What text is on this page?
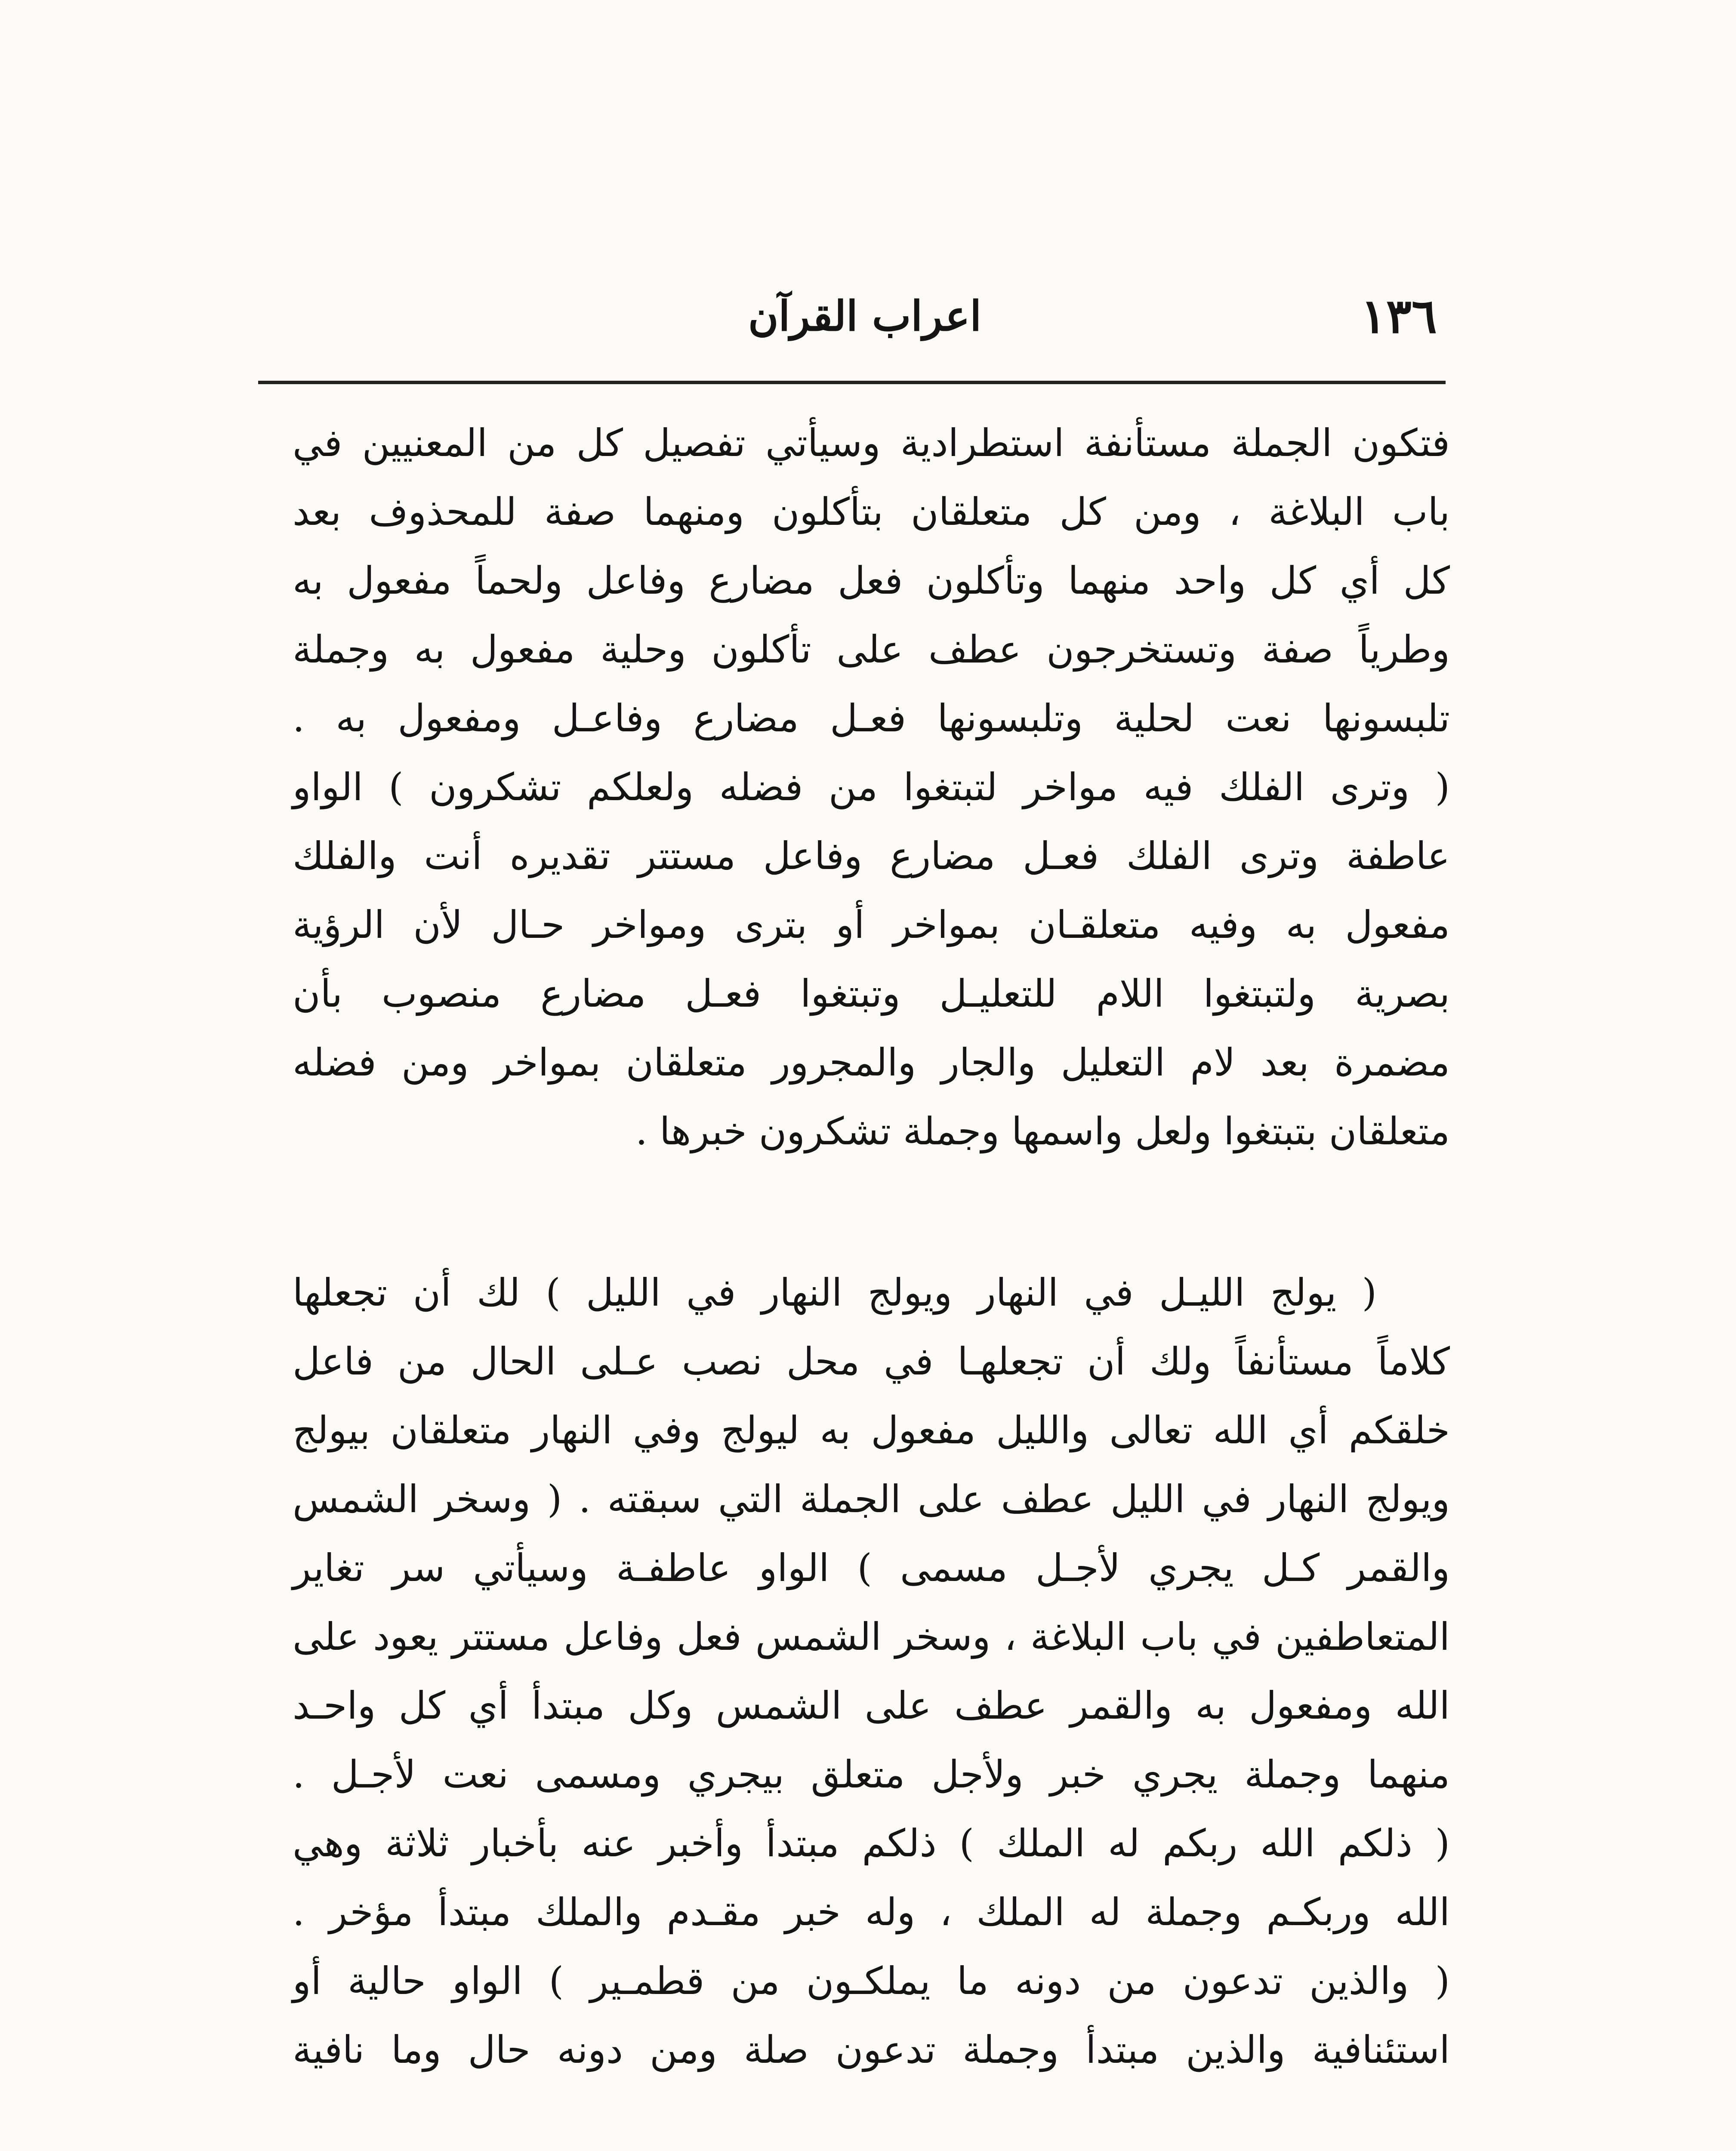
١٣٦
اعراب القرآن
فتكون الجملة مستأنفة استطرادية وسيأتي تفصيل كل من المعنيين في
باب البلاغة ، ومن كل متعلقان بتأكلون ومنهما صفة للمحذوف بعد
كل أي كل واحد منهما وتأكلون فعل مضارع وفاعل ولحماً مفعول به
وطرياً صفة وتستخرجون عطف على تأكلون وحلية مفعول به وجملة
تلبسونها نعت لحلية وتلبسونها فعـل مضارع وفاعـل ومفعول به .
( وترى الفلك فيه مواخر لتبتغوا من فضله ولعلكم تشكرون ) الواو
عاطفة وترى الفلك فعـل مضارع وفاعل مستتر تقديره أنت والفلك
مفعول به وفيه متعلقـان بمواخر أو بترى ومواخر حـال لأن الرؤية
بصرية ولتبتغوا اللام للتعليـل وتبتغوا فعـل مضارع منصوب بأن
مضمرة بعد لام التعليل والجار والمجرور متعلقان بمواخر ومن فضله
متعلقان بتبتغوا ولعل واسمها وجملة تشكرون خبرها .
( يولج الليـل في النهار ويولج النهار في الليل ) لك أن تجعلها
كلاماً مستأنفاً ولك أن تجعلهـا في محل نصب عـلى الحال من فاعل
خلقكم أي الله تعالى والليل مفعول به ليولج وفي النهار متعلقان بيولج
ويولج النهار في الليل عطف على الجملة التي سبقته . ( وسخر الشمس
والقمر كـل يجري لأجـل مسمى ) الواو عاطفـة وسيأتي سر تغاير
المتعاطفين في باب البلاغة ، وسخر الشمس فعل وفاعل مستتر يعود على
الله ومفعول به والقمر عطف على الشمس وكل مبتدأ أي كل واحـد
منهما وجملة يجري خبر ولأجل متعلق بيجري ومسمى نعت لأجـل .
( ذلكم الله ربكم له الملك ) ذلكم مبتدأ وأخبر عنه بأخبار ثلاثة وهي
الله وربكـم وجملة له الملك ، وله خبر مقـدم والملك مبتدأ مؤخر .
( والذين تدعون من دونه ما يملكـون من قطمـير ) الواو حالية أو
استئنافية والذين مبتدأ وجملة تدعون صلة ومن دونه حال وما نافية
